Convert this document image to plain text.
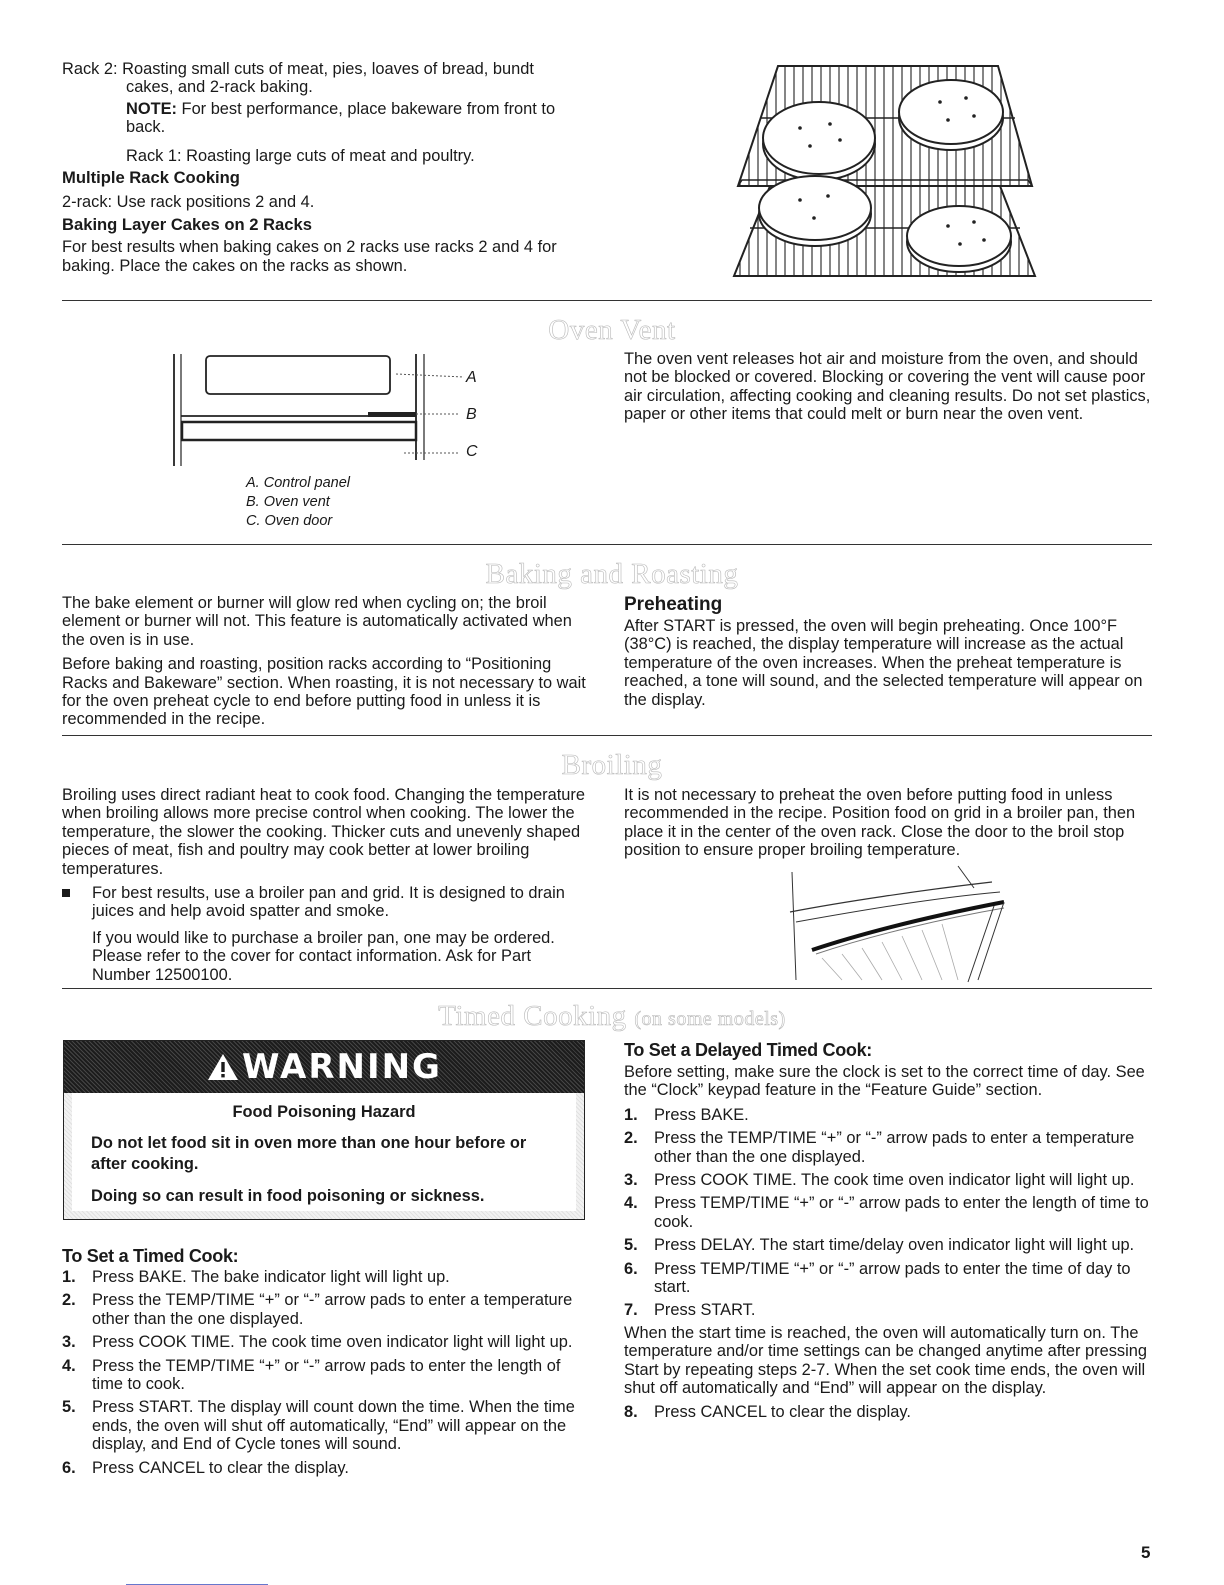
Rack 2: Roasting small cuts of meat, pies, loaves of bread, bundt

cakes, and 2-rack baking.

NOTE: For best performance, place bakeware from front to back.

Rack 1: Roasting large cuts of meat and poultry.

Multiple Rack Cooking

2-rack: Use rack positions 2 and 4.

Baking Layer Cakes on 2 Racks

For best results when baking cakes on 2 racks use racks 2 and 4 for baking. Place the cakes on the racks as shown.

Oven Vent
A
B
C
A. Control panel
B. Oven vent
C. Oven door

The oven vent releases hot air and moisture from the oven, and should not be blocked or covered. Blocking or covering the vent will cause poor air circulation, affecting cooking and cleaning results. Do not set plastics, paper or other items that could melt or burn near the oven vent.

Baking and Roasting

The bake element or burner will glow red when cycling on; the broil element or burner will not. This feature is automatically activated when the oven is in use.

Before baking and roasting, position racks according to “Positioning Racks and Bakeware” section. When roasting, it is not necessary to wait for the oven preheat cycle to end before putting food in unless it is recommended in the recipe.

Preheating

After START is pressed, the oven will begin preheating. Once 100°F (38°C) is reached, the display temperature will increase as the actual temperature of the oven increases. When the preheat temperature is reached, a tone will sound, and the selected temperature will appear on the display.

Broiling

Broiling uses direct radiant heat to cook food. Changing the temperature when broiling allows more precise control when cooking. The lower the temperature, the slower the cooking. Thicker cuts and unevenly shaped pieces of meat, fish and poultry may cook better at lower broiling temperatures.

For best results, use a broiler pan and grid. It is designed to drain juices and help avoid spatter and smoke.

If you would like to purchase a broiler pan, one may be ordered. Please refer to the cover for contact information. Ask for Part Number 12500100.

It is not necessary to preheat the oven before putting food in unless recommended in the recipe. Position food on grid in a broiler pan, then place it in the center of the oven rack. Close the door to the broil stop position to ensure proper broiling temperature.

Timed Cooking (on some models)
WARNING

Food Poisoning Hazard

Do not let food sit in oven more than one hour before or after cooking.

Doing so can result in food poisoning or sickness.

To Set a Timed Cook:

1. Press BAKE. The bake indicator light will light up.
2. Press the TEMP/TIME “+” or “-” arrow pads to enter a temperature other than the one displayed.
3. Press COOK TIME. The cook time oven indicator light will light up.
4. Press the TEMP/TIME “+” or “-” arrow pads to enter the length of time to cook.
5. Press START. The display will count down the time. When the time ends, the oven will shut off automatically, “End” will appear on the display, and End of Cycle tones will sound.
6. Press CANCEL to clear the display.

To Set a Delayed Timed Cook:

Before setting, make sure the clock is set to the correct time of day. See the “Clock” keypad feature in the “Feature Guide” section.

1. Press BAKE.
2. Press the TEMP/TIME “+” or “-” arrow pads to enter a temperature other than the one displayed.
3. Press COOK TIME. The cook time oven indicator light will light up.
4. Press TEMP/TIME “+” or “-” arrow pads to enter the length of time to cook.
5. Press DELAY. The start time/delay oven indicator light will light up.
6. Press TEMP/TIME “+” or “-” arrow pads to enter the time of day to start.
7. Press START.

When the start time is reached, the oven will automatically turn on. The temperature and/or time settings can be changed anytime after pressing Start by repeating steps 2-7. When the set cook time ends, the oven will shut off automatically and “End” will appear on the display.

8. Press CANCEL to clear the display.
5
